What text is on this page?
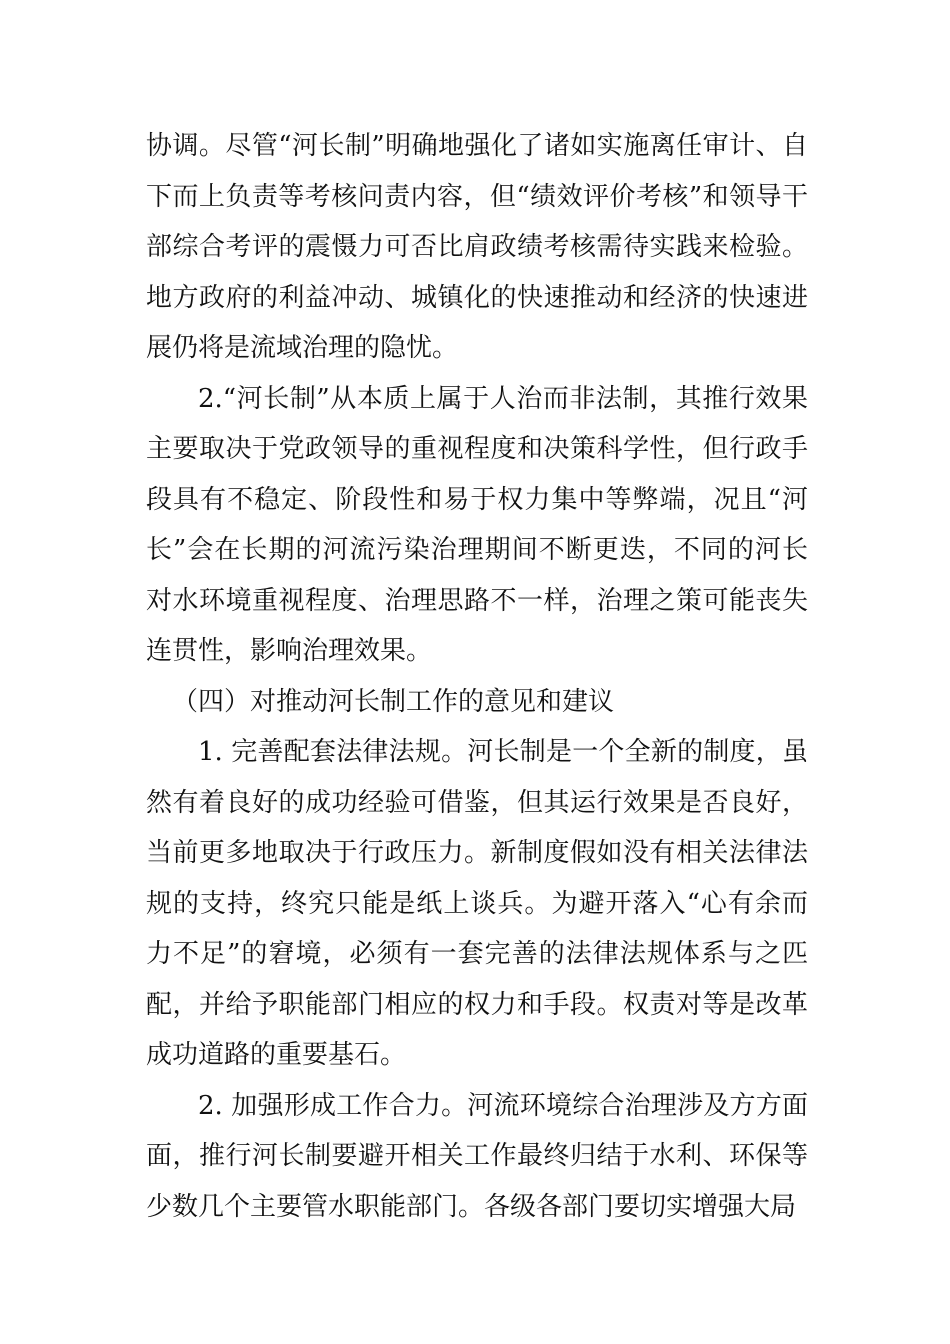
协调。尽管“河长制”明确地强化了诸如实施离任审计、自下而上负责等考核问责内容，但“绩效评价考核”和领导干部综合考评的震慑力可否比肩政绩考核需待实践来检验。地方政府的利益冲动、城镇化的快速推动和经济的快速进展仍将是流域治理的隐忧。

2.“河长制”从本质上属于人治而非法制，其推行效果主要取决于党政领导的重视程度和决策科学性，但行政手段具有不稳定、阶段性和易于权力集中等弊端，况且“河长”会在长期的河流污染治理期间不断更迭，不同的河长对水环境重视程度、治理思路不一样，治理之策可能丧失连贯性，影响治理效果。

（四）对推动河长制工作的意见和建议

1. 完善配套法律法规。河长制是一个全新的制度，虽然有着良好的成功经验可借鉴，但其运行效果是否良好，当前更多地取决于行政压力。新制度假如没有相关法律法规的支持，终究只能是纸上谈兵。为避开落入“心有余而力不足”的窘境，必须有一套完善的法律法规体系与之匹配，并给予职能部门相应的权力和手段。权责对等是改革成功道路的重要基石。

2. 加强形成工作合力。河流环境综合治理涉及方方面面，推行河长制要避开相关工作最终归结于水利、环保等少数几个主要管水职能部门。各级各部门要切实增强大局
